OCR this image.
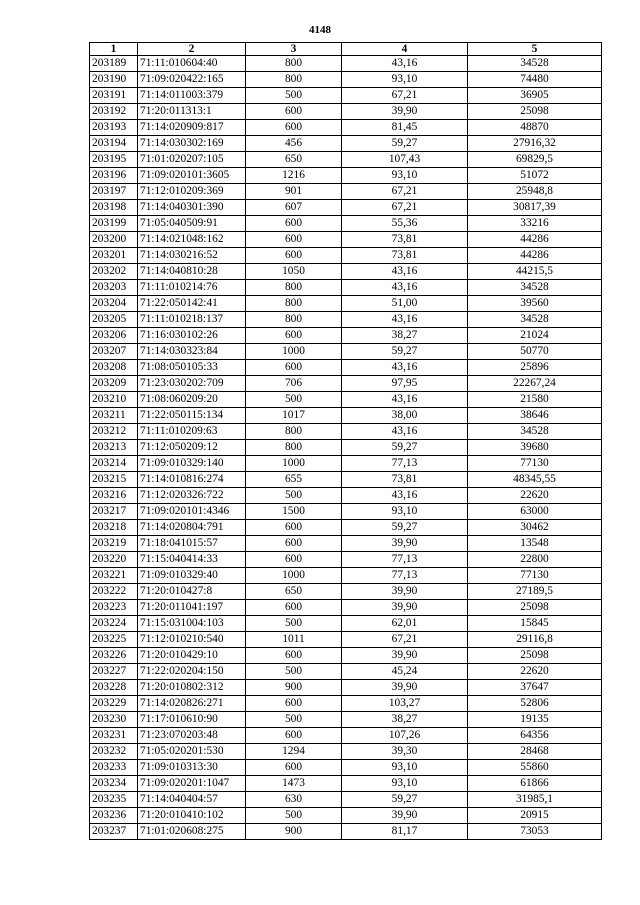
4148
1	2	3	4	5
203189	71:11:010604:40	800	43,16	34528
203190	71:09:020422:165	800	93,10	74480
203191	71:14:011003:379	500	67,21	36905
203192	71:20:011313:1	600	39,90	25098
203193	71:14:020909:817	600	81,45	48870
203194	71:14:030302:169	456	59,27	27916,32
203195	71:01:020207:105	650	107,43	69829,5
203196	71:09:020101:3605	1216	93,10	51072
203197	71:12:010209:369	901	67,21	25948,8
203198	71:14:040301:390	607	67,21	30817,39
203199	71:05:040509:91	600	55,36	33216
203200	71:14:021048:162	600	73,81	44286
203201	71:14:030216:52	600	73,81	44286
203202	71:14:040810:28	1050	43,16	44215,5
203203	71:11:010214:76	800	43,16	34528
203204	71:22:050142:41	800	51,00	39560
203205	71:11:010218:137	800	43,16	34528
203206	71:16:030102:26	600	38,27	21024
203207	71:14:030323:84	1000	59,27	50770
203208	71:08:050105:33	600	43,16	25896
203209	71:23:030202:709	706	97,95	22267,24
203210	71:08:060209:20	500	43,16	21580
203211	71:22:050115:134	1017	38,00	38646
203212	71:11:010209:63	800	43,16	34528
203213	71:12:050209:12	800	59,27	39680
203214	71:09:010329:140	1000	77,13	77130
203215	71:14:010816:274	655	73,81	48345,55
203216	71:12:020326:722	500	43,16	22620
203217	71:09:020101:4346	1500	93,10	63000
203218	71:14:020804:791	600	59,27	30462
203219	71:18:041015:57	600	39,90	13548
203220	71:15:040414:33	600	77,13	22800
203221	71:09:010329:40	1000	77,13	77130
203222	71:20:010427:8	650	39,90	27189,5
203223	71:20:011041:197	600	39,90	25098
203224	71:15:031004:103	500	62,01	15845
203225	71:12:010210:540	1011	67,21	29116,8
203226	71:20:010429:10	600	39,90	25098
203227	71:22:020204:150	500	45,24	22620
203228	71:20:010802:312	900	39,90	37647
203229	71:14:020826:271	600	103,27	52806
203230	71:17:010610:90	500	38,27	19135
203231	71:23:070203:48	600	107,26	64356
203232	71:05:020201:530	1294	39,30	28468
203233	71:09:010313:30	600	93,10	55860
203234	71:09:020201:1047	1473	93,10	61866
203235	71:14:040404:57	630	59,27	31985,1
203236	71:20:010410:102	500	39,90	20915
203237	71:01:020608:275	900	81,17	73053
